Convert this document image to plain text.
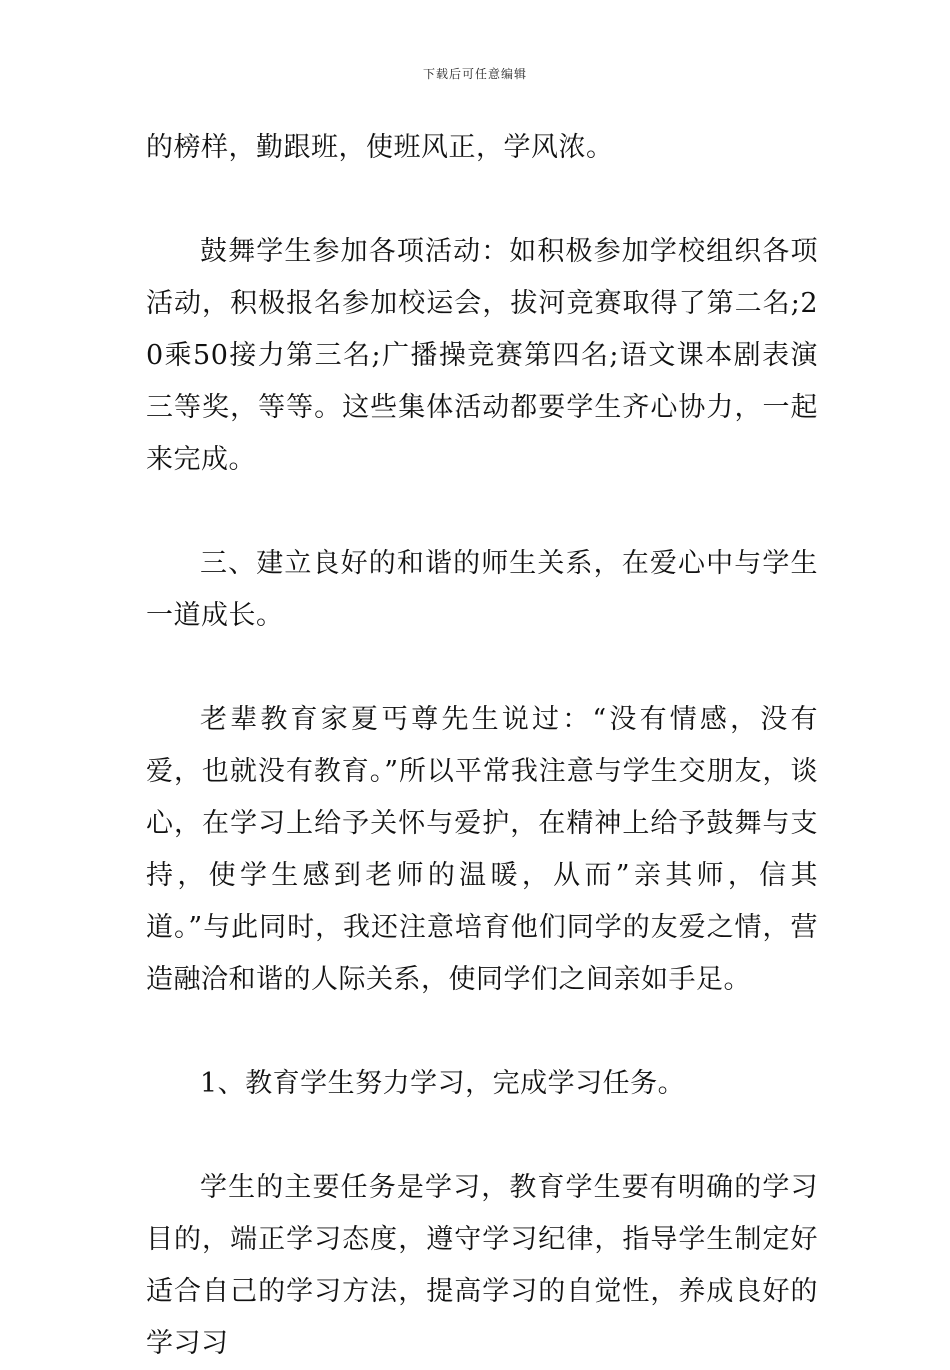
下载后可任意编辑

的榜样，勤跟班，使班风正，学风浓。

鼓舞学生参加各项活动：如积极参加学校组织各项活动，积极报名参加校运会，拔河竞赛取得了第二名;20乘50接力第三名;广播操竞赛第四名;语文课本剧表演三等奖，等等。这些集体活动都要学生齐心协力，一起来完成。

三、建立良好的和谐的师生关系，在爱心中与学生一道成长。

老辈教育家夏丐尊先生说过：“没有情感，没有爱，也就没有教育。”所以平常我注意与学生交朋友，谈心，在学习上给予关怀与爱护，在精神上给予鼓舞与支持，使学生感到老师的温暖，从而”亲其师，信其道。”与此同时，我还注意培育他们同学的友爱之情，营造融洽和谐的人际关系，使同学们之间亲如手足。

1、教育学生努力学习，完成学习任务。

学生的主要任务是学习，教育学生要有明确的学习目的，端正学习态度，遵守学习纪律，指导学生制定好适合自己的学习方法，提高学习的自觉性，养成良好的学习习
